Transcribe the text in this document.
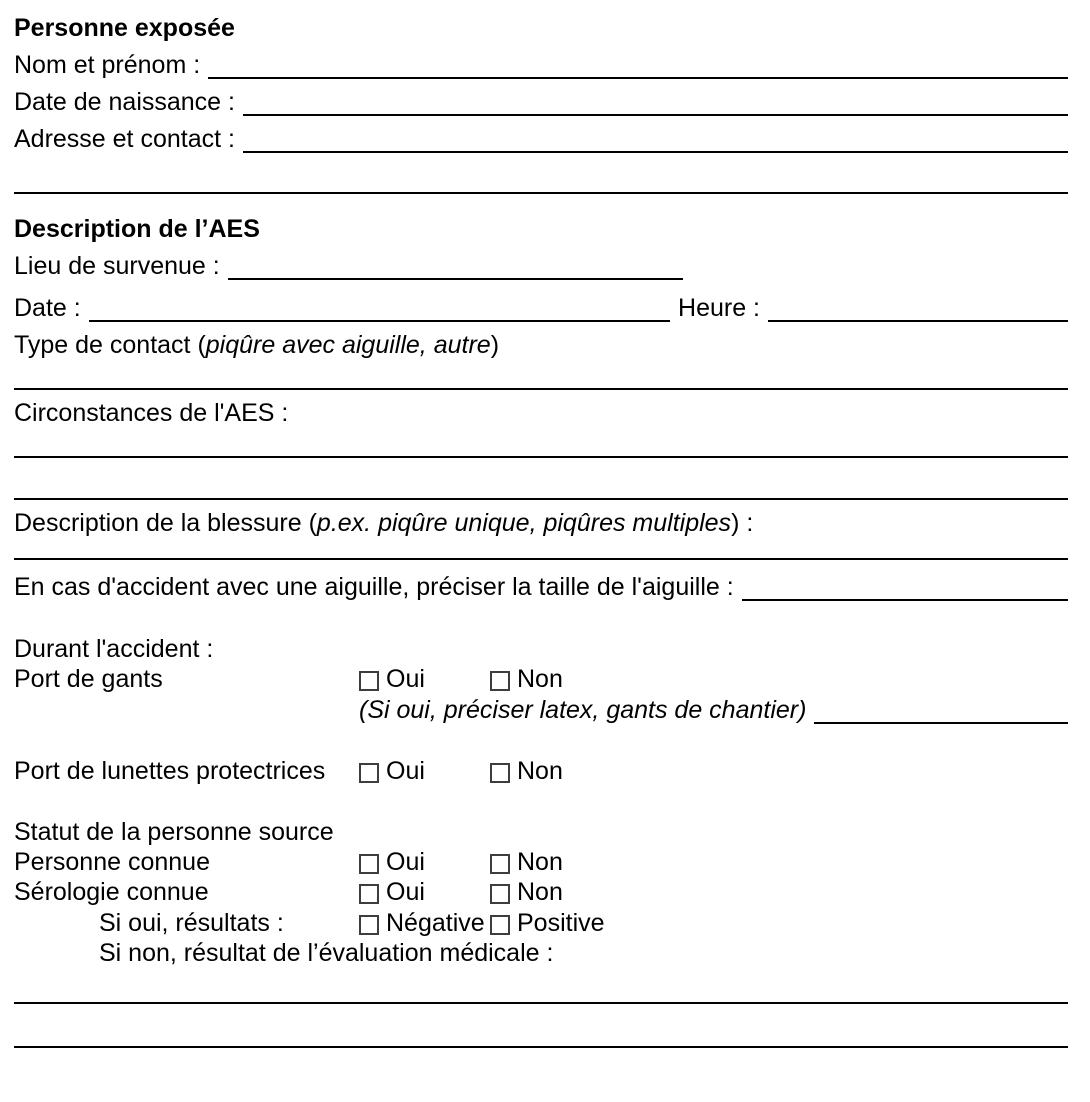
Personne exposée
Nom et prénom :
Date de naissance :
Adresse et contact :
Description de l’AES
Lieu de survenue :
Date :	Heure :
Type de contact ( piqûre avec aiguille, autre )
Circonstances de l'AES :
Description de la blessure ( p.ex. piqûre unique, piqûres multiples ) :
En cas d'accident avec une aiguille, préciser la taille de l'aiguille :
Durant l'accident :
Port de gants	Oui	Non
(Si oui, préciser latex, gants de chantier)
Port de lunettes protectrices	Oui	Non
Statut de la personne source
Personne connue	Oui	Non
Sérologie connue	Oui	Non
Si oui, résultats :	Négative Positive
Si non, résultat de l’évaluation médicale :
